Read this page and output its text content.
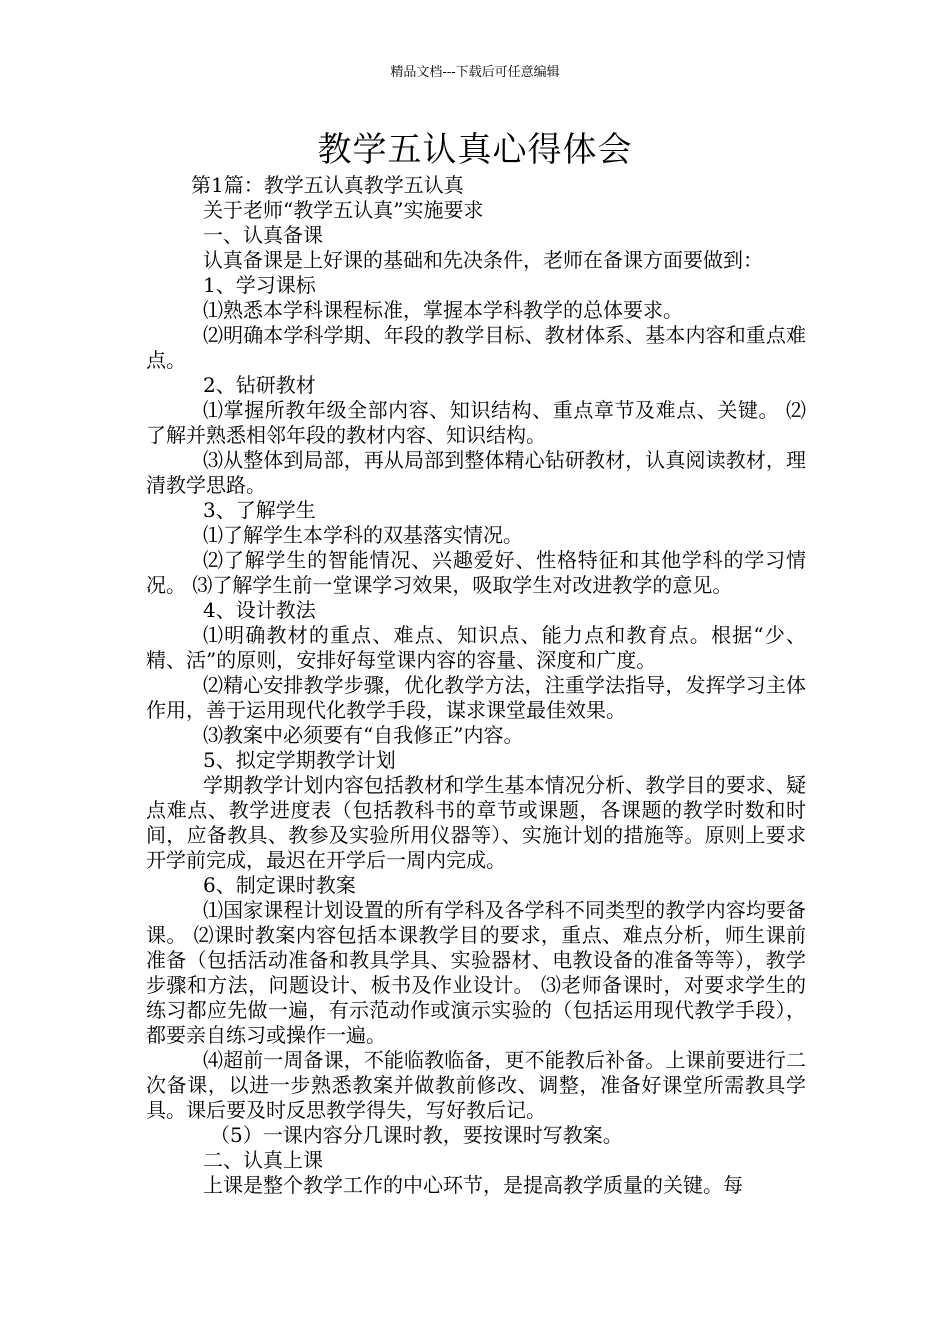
精品文档---下载后可任意编辑
教学五认真心得体会

第1篇：教学五认真教学五认真

关于老师“教学五认真”实施要求

一、认真备课

认真备课是上好课的基础和先决条件，老师在备课方面要做到：

1、学习课标

⑴熟悉本学科课程标准，掌握本学科教学的总体要求。

⑵明确本学科学期、年段的教学目标、教材体系、基本内容和重点难点。

2、钻研教材

⑴掌握所教年级全部内容、知识结构、重点章节及难点、关键。 ⑵了解并熟悉相邻年段的教材内容、知识结构。

⑶从整体到局部，再从局部到整体精心钻研教材，认真阅读教材，理清教学思路。

3、了解学生

⑴了解学生本学科的双基落实情况。

⑵了解学生的智能情况、兴趣爱好、性格特征和其他学科的学习情况。 ⑶了解学生前一堂课学习效果，吸取学生对改进教学的意见。

4、设计教法

⑴明确教材的重点、难点、知识点、能力点和教育点。根据“少、精、活”的原则，安排好每堂课内容的容量、深度和广度。

⑵精心安排教学步骤，优化教学方法，注重学法指导，发挥学习主体作用，善于运用现代化教学手段，谋求课堂最佳效果。

⑶教案中必须要有“自我修正”内容。

5、拟定学期教学计划

学期教学计划内容包括教材和学生基本情况分析、教学目的要求、疑点难点、教学进度表（包括教科书的章节或课题，各课题的教学时数和时间，应备教具、教参及实验所用仪器等）、实施计划的措施等。原则上要求开学前完成，最迟在开学后一周内完成。

6、制定课时教案

⑴国家课程计划设置的所有学科及各学科不同类型的教学内容均要备课。 ⑵课时教案内容包括本课教学目的要求，重点、难点分析，师生课前准备（包括活动准备和教具学具、实验器材、电教设备的准备等等），教学步骤和方法，问题设计、板书及作业设计。 ⑶老师备课时，对要求学生的练习都应先做一遍，有示范动作或演示实验的（包括运用现代教学手段），都要亲自练习或操作一遍。

⑷超前一周备课，不能临教临备，更不能教后补备。上课前要进行二次备课，以进一步熟悉教案并做教前修改、调整，准备好课堂所需教具学具。课后要及时反思教学得失，写好教后记。

（5）一课内容分几课时教，要按课时写教案。

二、认真上课

上课是整个教学工作的中心环节，是提高教学质量的关键。每
